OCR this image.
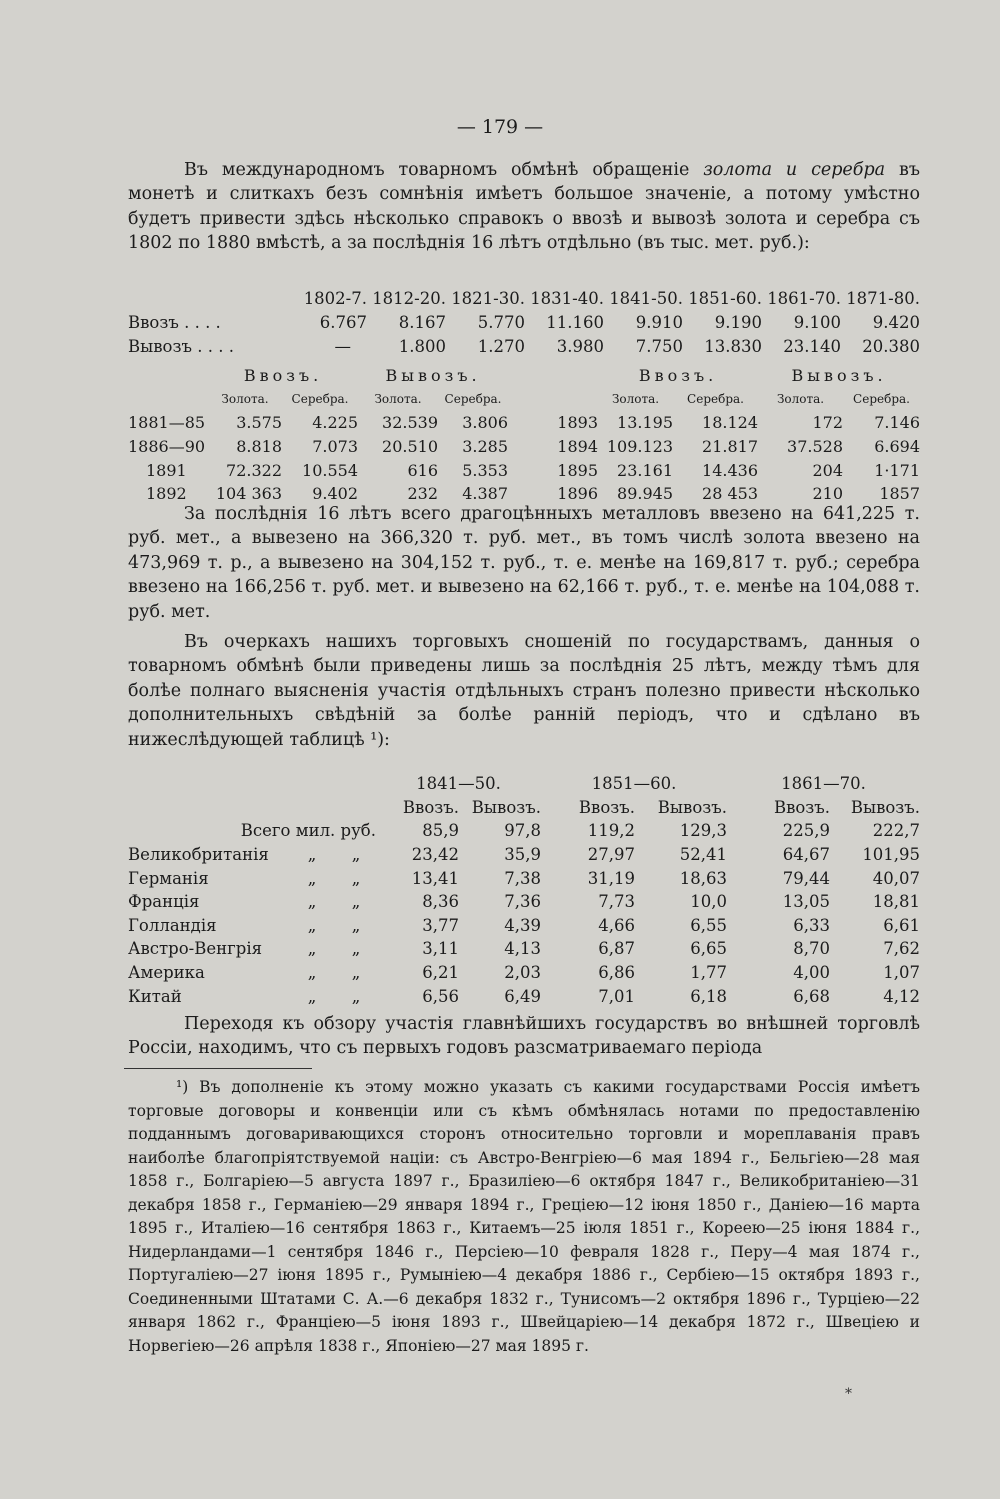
— 179 —

Въ международномъ товарномъ обмѣнѣ обращеніе золота и серебра въ монетѣ и слиткахъ безъ сомнѣнія имѣетъ большое значеніе, а потому умѣстно будетъ привести здѣсь нѣсколько справокъ о ввозѣ и вывозѣ золота и серебра съ 1802 по 1880 вмѣстѣ, а за послѣднія 16 лѣтъ отдѣльно (въ тыс. мет. руб.):

	1802-7.	1812-20.	1821-30.	1831-40.	1841-50.	1851-60.	1861-70.	1871-80.
Ввозъ . . . .	6.767	8.167	5.770	11.160	9.910	9.190	9.100	9.420
Вывозъ . . . .	—	1.800	1.270	3.980	7.750	13.830	23.140	20.380
	Ввозъ.		Вывозъ.			Ввозъ.		Вывозъ.	
	Золота.	Серебра.	Золота.	Серебра.		Золота.	Серебра.	Золота.	Серебра.
1881—85	3.575	4.225	32.539	3.806	1893	13.195	18.124	172	7.146
1886—90	8.818	7.073	20.510	3.285	1894	109.123	21.817	37.528	6.694
1891	72.322	10.554	616	5.353	1895	23.161	14.436	204	1·171
1892	104 363	9.402	232	4.387	1896	89.945	28 453	210	1857

За послѣднія 16 лѣтъ всего драгоцѣнныхъ металловъ ввезено на 641,225 т. руб. мет., а вывезено на 366,320 т. руб. мет., въ томъ числѣ золота ввезено на 473,969 т. р., а вывезено на 304,152 т. руб., т. е. менѣе на 169,817 т. руб.; серебра ввезено на 166,256 т. руб. мет. и вывезено на 62,166 т. руб., т. е. менѣе на 104,088 т. руб. мет.

Въ очеркахъ нашихъ торговыхъ сношеній по государствамъ, данныя о товарномъ обмѣнѣ были приведены лишь за послѣднія 25 лѣтъ, между тѣмъ для болѣе полнаго выясненія участія отдѣльныхъ странъ полезно привести нѣсколько дополнительныхъ свѣдѣній за болѣе ранній періодъ, что и сдѣлано въ нижеслѣдующей таблицѣ ¹):

			1841—50.		1851—60.		1861—70.	
			Ввозъ.	Вывозъ.	Ввозъ.	Вывозъ.	Ввозъ.	Вывозъ.
Всего мил. руб.			85,9	97,8	119,2	129,3	225,9	222,7
Великобританія	„	„	23,42	35,9	27,97	52,41	64,67	101,95
Германія	„	„	13,41	7,38	31,19	18,63	79,44	40,07
Франція	„	„	8,36	7,36	7,73	10,0	13,05	18,81
Голландія	„	„	3,77	4,39	4,66	6,55	6,33	6,61
Австро-Венгрія	„	„	3,11	4,13	6,87	6,65	8,70	7,62
Америка	„	„	6,21	2,03	6,86	1,77	4,00	1,07
Китай	„	„	6,56	6,49	7,01	6,18	6,68	4,12

Переходя къ обзору участія главнѣйшихъ государствъ во внѣшней торговлѣ Россіи, находимъ, что съ первыхъ годовъ разсматриваемаго періода

¹) Въ дополненіе къ этому можно указать съ какими государствами Россія имѣетъ торговые договоры и конвенціи или съ кѣмъ обмѣнялась нотами по предоставленію подданнымъ договаривающихся сторонъ относительно торговли и мореплаванія правъ наиболѣе благопріятствуемой націи: съ Австро-Венгріею—6 мая 1894 г., Бельгіею—28 мая 1858 г., Болгаріею—5 августа 1897 г., Бразиліею—6 октября 1847 г., Великобританіею—31 декабря 1858 г., Германіею—29 января 1894 г., Греціею—12 іюня 1850 г., Даніею—16 марта 1895 г., Италіею—16 сентября 1863 г., Китаемъ—25 іюля 1851 г., Кореею—25 іюня 1884 г., Нидерландами—1 сентября 1846 г., Персіею—10 февраля 1828 г., Перу—4 мая 1874 г., Португаліею—27 іюня 1895 г., Румыніею—4 декабря 1886 г., Сербіею—15 октября 1893 г., Соединенными Штатами С. А.—6 декабря 1832 г., Тунисомъ—2 октября 1896 г., Турціею—22 января 1862 г., Франціею—5 іюня 1893 г., Швейцаріею—14 декабря 1872 г., Швеціею и Норвегіею—26 апрѣля 1838 г., Японіею—27 мая 1895 г.

*
